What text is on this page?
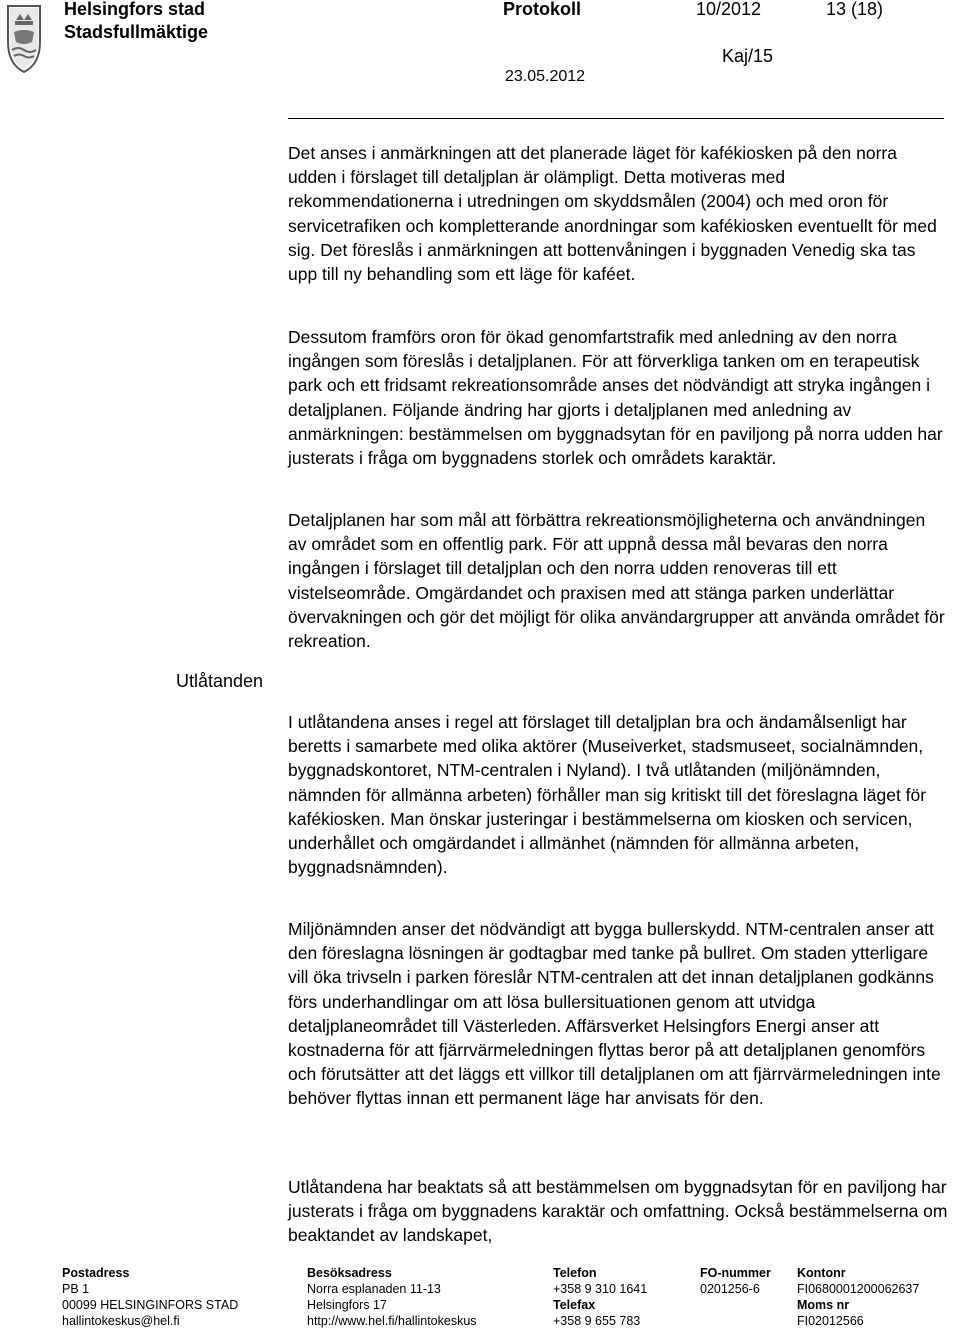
Helsingfors stad
Stadsfullmäktige
Protokoll	10/2012	13 (18)
Kaj/15
23.05.2012
Utlåtanden

Det anses i anmärkningen att det planerade läget för kafékiosken på den norra udden i förslaget till detaljplan är olämpligt. Detta motiveras med rekommendationerna i utredningen om skyddsmålen (2004) och med oron för servicetrafiken och kompletterande anordningar som kafékiosken eventuellt för med sig. Det föreslås i anmärkningen att bottenvåningen i byggnaden Venedig ska tas upp till ny behandling som ett läge för kaféet.

Dessutom framförs oron för ökad genomfartstrafik med anledning av den norra ingången som föreslås i detaljplanen. För att förverkliga tanken om en terapeutisk park och ett fridsamt rekreationsområde anses det nödvändigt att stryka ingången i detaljplanen. Följande ändring har gjorts i detaljplanen med anledning av anmärkningen: bestämmelsen om byggnadsytan för en paviljong på norra udden har justerats i fråga om byggnadens storlek och områdets karaktär.

Detaljplanen har som mål att förbättra rekreationsmöjligheterna och användningen av området som en offentlig park. För att uppnå dessa mål bevaras den norra ingången i förslaget till detaljplan och den norra udden renoveras till ett vistelseområde. Omgärdandet och praxisen med att stänga parken underlättar övervakningen och gör det möjligt för olika användargrupper att använda området för rekreation.

I utlåtandena anses i regel att förslaget till detaljplan bra och ändamålsenligt har beretts i samarbete med olika aktörer (Museiverket, stadsmuseet, socialnämnden, byggnadskontoret, NTM-centralen i Nyland). I två utlåtanden (miljönämnden, nämnden för allmänna arbeten) förhåller man sig kritiskt till det föreslagna läget för kafékiosken. Man önskar justeringar i bestämmelserna om kiosken och servicen, underhållet och omgärdandet i allmänhet (nämnden för allmänna arbeten, byggnadsnämnden).

Miljönämnden anser det nödvändigt att bygga bullerskydd. NTM-centralen anser att den föreslagna lösningen är godtagbar med tanke på bullret. Om staden ytterligare vill öka trivseln i parken föreslår NTM-centralen att det innan detaljplanen godkänns förs underhandlingar om att lösa bullersituationen genom att utvidga detaljplaneområdet till Västerleden. Affärsverket Helsingfors Energi anser att kostnaderna för att fjärrvärmeledningen flyttas beror på att detaljplanen genomförs och förutsätter att det läggs ett villkor till detaljplanen om att fjärrvärmeledningen inte behöver flyttas innan ett permanent läge har anvisats för den.

Utlåtandena har beaktats så att bestämmelsen om byggnadsytan för en paviljong har justerats i fråga om byggnadens karaktär och omfattning. Också bestämmelserna om beaktandet av landskapet,

Postadress
PB 1
00099 HELSINGINFORS STAD
hallintokeskus@hel.fi
Besöksadress
Norra esplanaden 11-13
Helsingfors 17
http://www.hel.fi/hallintokeskus
Telefon
+358 9 310 1641
Telefax
+358 9 655 783
FO-nummer
0201256-6
Kontonr
FI0680001200062637
Moms nr
FI02012566
